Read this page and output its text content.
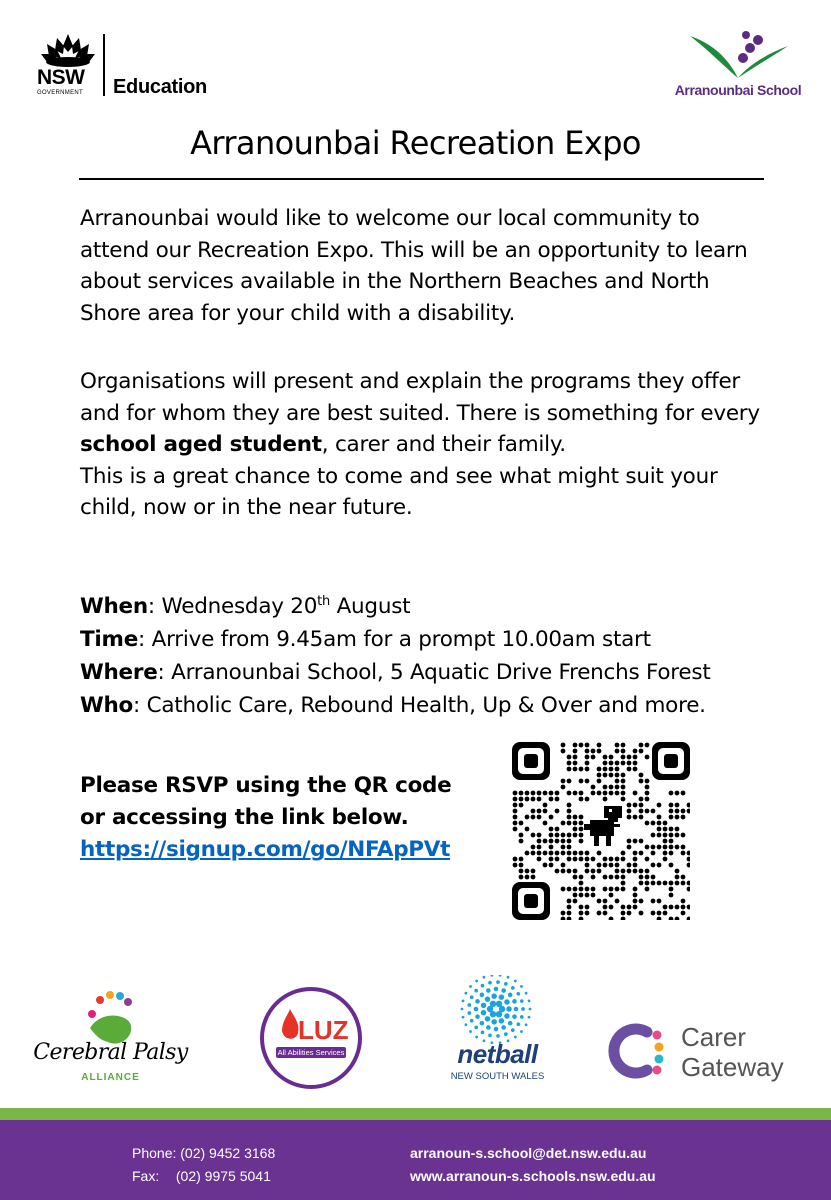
NSW
GOVERNMENT Education	Arranounbai School
Arranounbai Recreation Expo
Arranounbai would like to welcome our local community to attend our Recreation Expo. This will be an opportunity to learn about services available in the Northern Beaches and North Shore area for your child with a disability.
Organisations will present and explain the programs they offer and for whom they are best suited. There is something for every school aged student, carer and their family.
This is a great chance to come and see what might suit your child, now or in the near future.
When: Wednesday 20th August
Time: Arrive from 9.45am for a prompt 10.00am start
Where: Arranounbai School, 5 Aquatic Drive Frenchs Forest
Who: Catholic Care, Rebound Health, Up & Over and more.
Please RSVP using the QR code
or accessing the link below.
https://signup.com/go/NFApPVt
Cerebral Palsy
ALLIANCE
LUZ
All Abilities Services	netball
NEW SOUTH WALES
Carer
Gateway
Phone: (02) 9452 3168
Fax: (02) 9975 5041
arranoun-s.school@det.nsw.edu.au
www.arranoun-s.schools.nsw.edu.au
